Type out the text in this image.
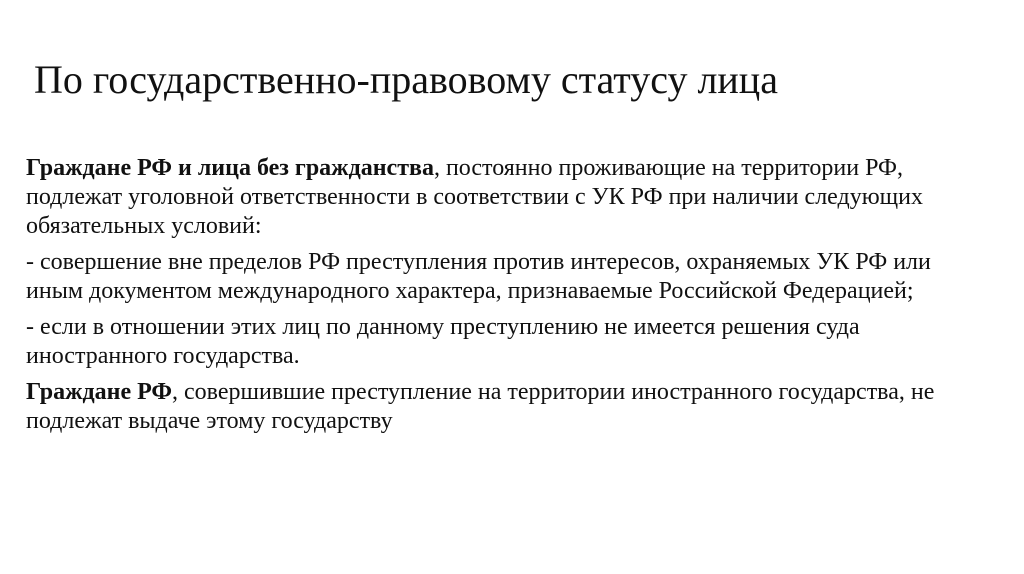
По государственно-правовому статусу лица

Граждане РФ и лица без гражданства, постоянно проживающие на территории РФ, подлежат уголовной ответственности в соответствии с УК РФ при наличии следующих обязательных условий:

- совершение вне пределов РФ преступления против интересов, охраняемых УК РФ или иным документом международного характера, признаваемые Российской Федерацией;

- если в отношении этих лиц по данному преступлению не имеется решения суда иностранного государства.

Граждане РФ, совершившие преступление на территории иностранного государства, не подлежат выдаче этому государству
